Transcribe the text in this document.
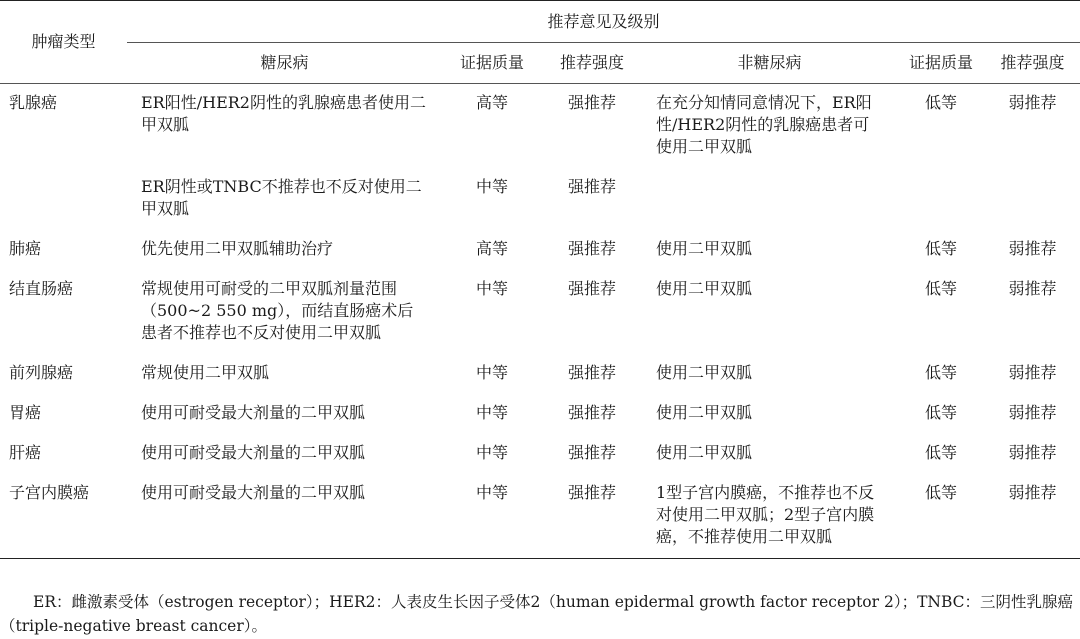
肿瘤类型	推荐意见及级别					
	糖尿病	证据质量	推荐强度	非糖尿病	证据质量	推荐强度
乳腺癌	ER阳性/HER2阴性的乳腺癌患者使用二甲双胍	高等	强推荐	在充分知情同意情况下，ER阳性/HER2阴性的乳腺癌患者可使用二甲双胍	低等	弱推荐
	ER阴性或TNBC不推荐也不反对使用二甲双胍	中等	强推荐			
肺癌	优先使用二甲双胍辅助治疗	高等	强推荐	使用二甲双胍	低等	弱推荐
结直肠癌	常规使用可耐受的二甲双胍剂量范围（500~2 550 mg），而结直肠癌术后患者不推荐也不反对使用二甲双胍	中等	强推荐	使用二甲双胍	低等	弱推荐
前列腺癌	常规使用二甲双胍	中等	强推荐	使用二甲双胍	低等	弱推荐
胃癌	使用可耐受最大剂量的二甲双胍	中等	强推荐	使用二甲双胍	低等	弱推荐
肝癌	使用可耐受最大剂量的二甲双胍	中等	强推荐	使用二甲双胍	低等	弱推荐
子宫内膜癌	使用可耐受最大剂量的二甲双胍	中等	强推荐	1型子宫内膜癌，不推荐也不反对使用二甲双胍；2型子宫内膜癌，不推荐使用二甲双胍	低等	弱推荐
ER：雌激素受体（estrogen receptor）；HER2：人表皮生长因子受体2（human epidermal growth factor receptor 2）；TNBC：三阴性乳腺癌（triple-negative breast cancer）。
